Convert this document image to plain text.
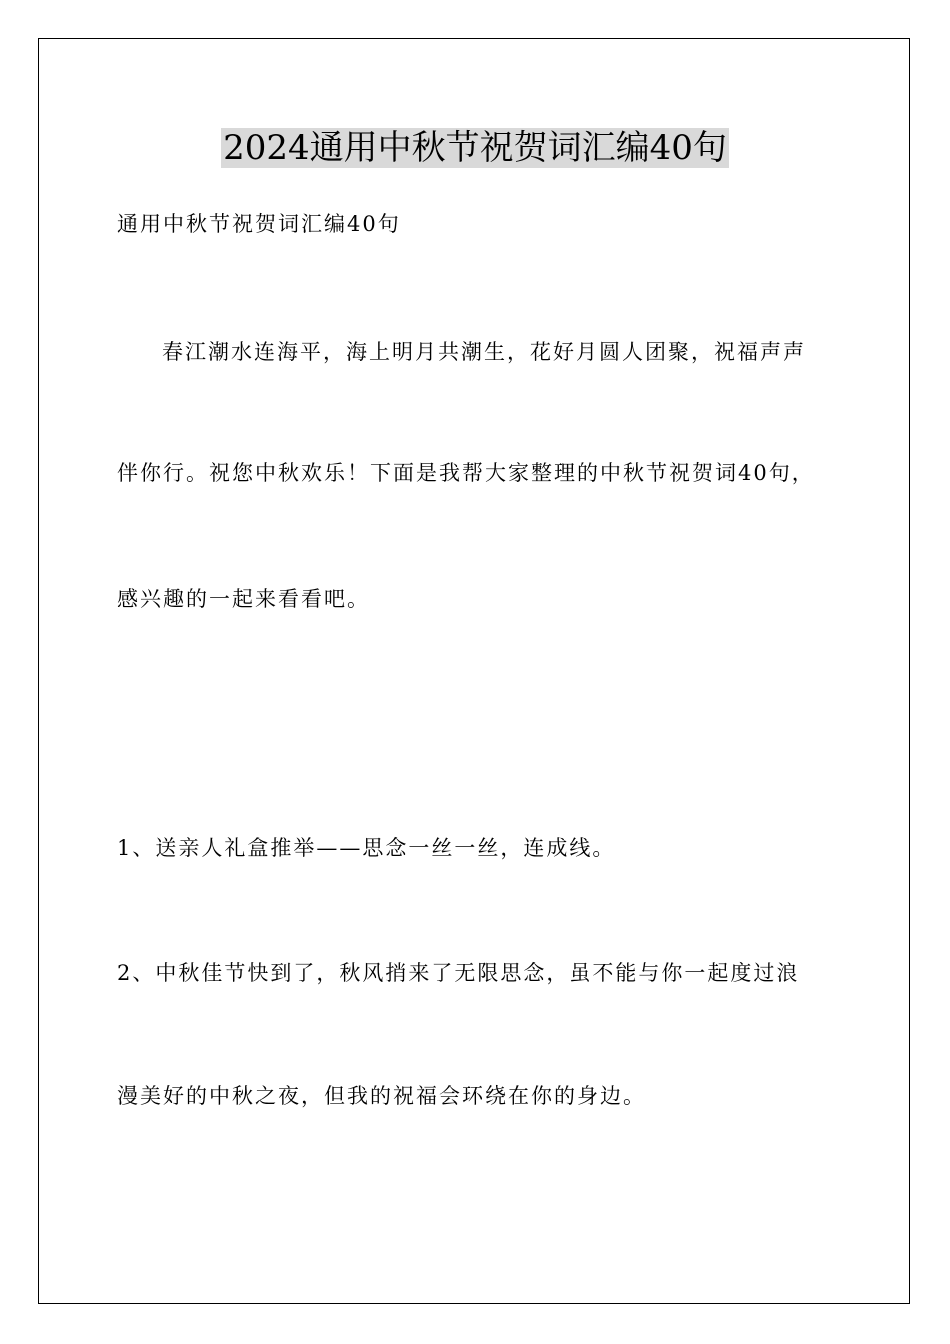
2024通用中秋节祝贺词汇编40句

通用中秋节祝贺词汇编40句

春江潮水连海平，海上明月共潮生，花好月圆人团聚，祝福声声

伴你行。祝您中秋欢乐！下面是我帮大家整理的中秋节祝贺词40句，

感兴趣的一起来看看吧。

1、送亲人礼盒推举——思念一丝一丝，连成线。

2、中秋佳节快到了，秋风捎来了无限思念，虽不能与你一起度过浪

漫美好的中秋之夜，但我的祝福会环绕在你的身边。
